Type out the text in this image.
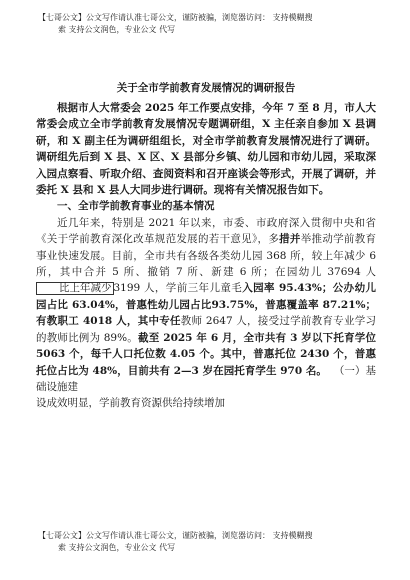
【七哥公文】公文写作请认准七哥公文，谨防被骗，浏览器访问： 支持模糊搜
索 支持公文润色，专业公文 代写
关于全市学前教育发展情况的调研报告

根据市人大常委会 2025 年工作要点安排，今年 7 至 8 月，市人大常委会成立全市学前教育发展情况专题调研组，X 主任亲自参加 X 县调研，和 X 副主任为调研组组长，对全市学前教育发展情况进行了调研。调研组先后到 X 县、X 区、X 县部分乡镇、幼儿园和市幼儿园，采取深入园点察看、听取介绍、查阅资料和召开座谈会等形式，开展了调研，并委托 X 县和 X 县人大同步进行调研。现将有关情况报告如下。

一、全市学前教育事业的基本情况

近几年来，特别是 2021 年以来，市委、市政府深入贯彻中央和省《关于学前教育深化改革规范发展的若干意见》，多措并举推动学前教育事业快速发展。目前，全市共有各级各类幼儿园 368 所，较上年减少 6 所，其中合并 5 所、撤销 7 所、新建 6 所；在园幼儿 37694 人比上年减少 3199 人，学前三年儿童毛入园率 95.43%；公办幼儿园占比 63.04%，普惠性幼儿园占比93.75%，普惠覆盖率 87.21%；有教职工 4018 人，其中专任教师 2647 人，接受过学前教育专业学习的教师比例为 89%。截至 2025 年 6 月，全市共有 3 岁以下托育学位 5063 个，每千人口托位数 4.05 个。其中，普惠托位 2430 个，普惠托位占比为 48%，目前共有 2—3 岁在园托育学生 970 名。 （一）基础设施建

设成效明显，学前教育资源供给持续增加

【七哥公文】公文写作请认准七哥公文，谨防被骗，浏览器访问： 支持模糊搜
索 支持公文润色，专业公文 代写
